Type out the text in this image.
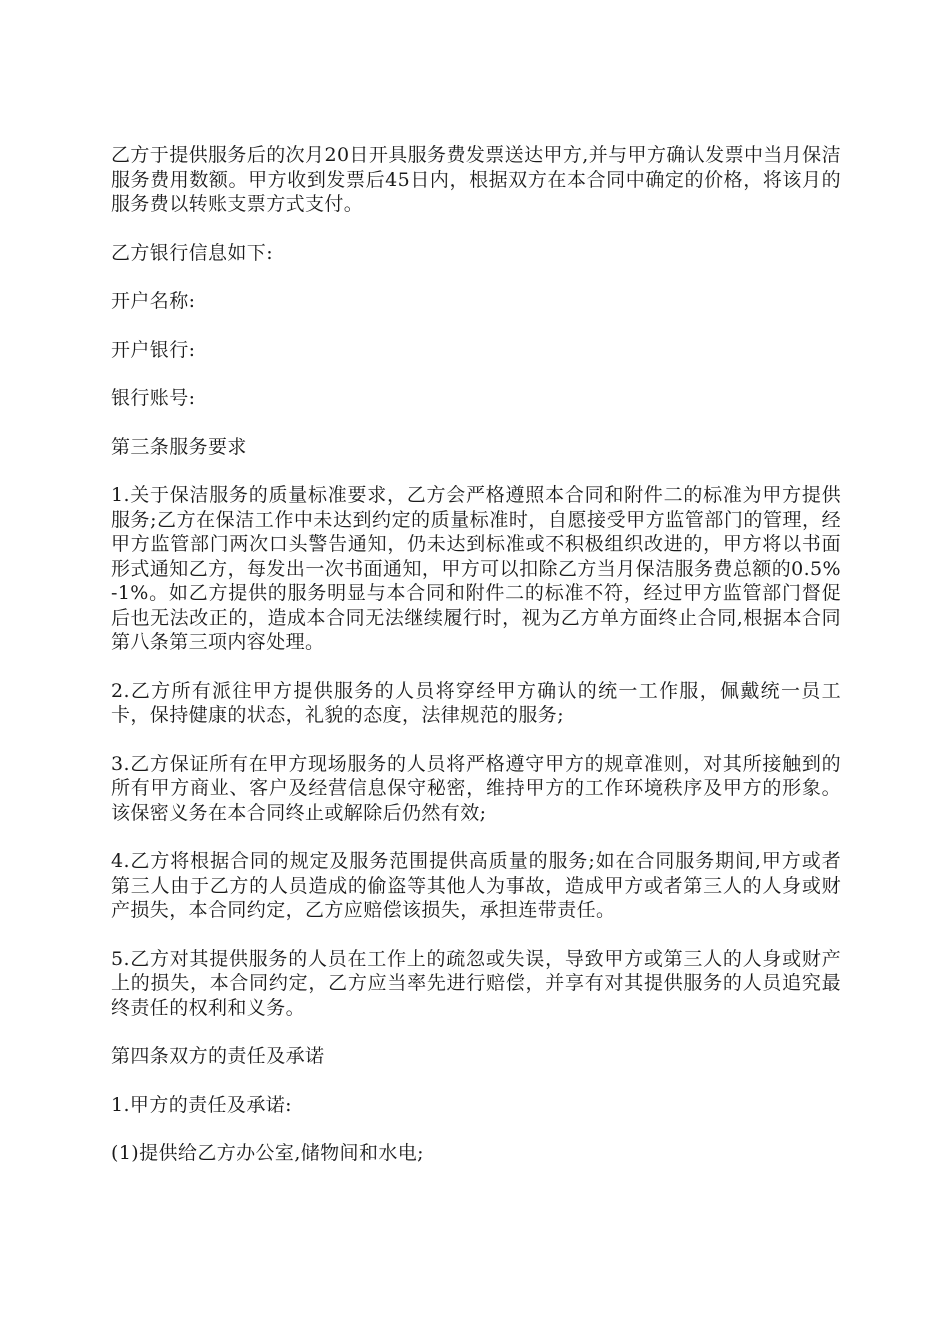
乙方于提供服务后的次月20日开具服务费发票送达甲方,并与甲方确认发票中当月保洁服务费用数额。甲方收到发票后45日内，根据双方在本合同中确定的价格，将该月的服务费以转账支票方式支付。

乙方银行信息如下:

开户名称:

开户银行:

银行账号:

第三条服务要求

1.关于保洁服务的质量标准要求，乙方会严格遵照本合同和附件二的标准为甲方提供服务;乙方在保洁工作中未达到约定的质量标准时，自愿接受甲方监管部门的管理，经甲方监管部门两次口头警告通知，仍未达到标准或不积极组织改进的，甲方将以书面形式通知乙方，每发出一次书面通知，甲方可以扣除乙方当月保洁服务费总额的0.5%-1%。如乙方提供的服务明显与本合同和附件二的标准不符，经过甲方监管部门督促后也无法改正的，造成本合同无法继续履行时，视为乙方单方面终止合同,根据本合同第八条第三项内容处理。

2.乙方所有派往甲方提供服务的人员将穿经甲方确认的统一工作服，佩戴统一员工卡，保持健康的状态，礼貌的态度，法律规范的服务;

3.乙方保证所有在甲方现场服务的人员将严格遵守甲方的规章准则，对其所接触到的所有甲方商业、客户及经营信息保守秘密，维持甲方的工作环境秩序及甲方的形象。该保密义务在本合同终止或解除后仍然有效;

4.乙方将根据合同的规定及服务范围提供高质量的服务;如在合同服务期间,甲方或者第三人由于乙方的人员造成的偷盗等其他人为事故，造成甲方或者第三人的人身或财产损失，本合同约定，乙方应赔偿该损失，承担连带责任。

5.乙方对其提供服务的人员在工作上的疏忽或失误，导致甲方或第三人的人身或财产上的损失，本合同约定，乙方应当率先进行赔偿，并享有对其提供服务的人员追究最终责任的权利和义务。

第四条双方的责任及承诺

1.甲方的责任及承诺:

(1)提供给乙方办公室,储物间和水电;
